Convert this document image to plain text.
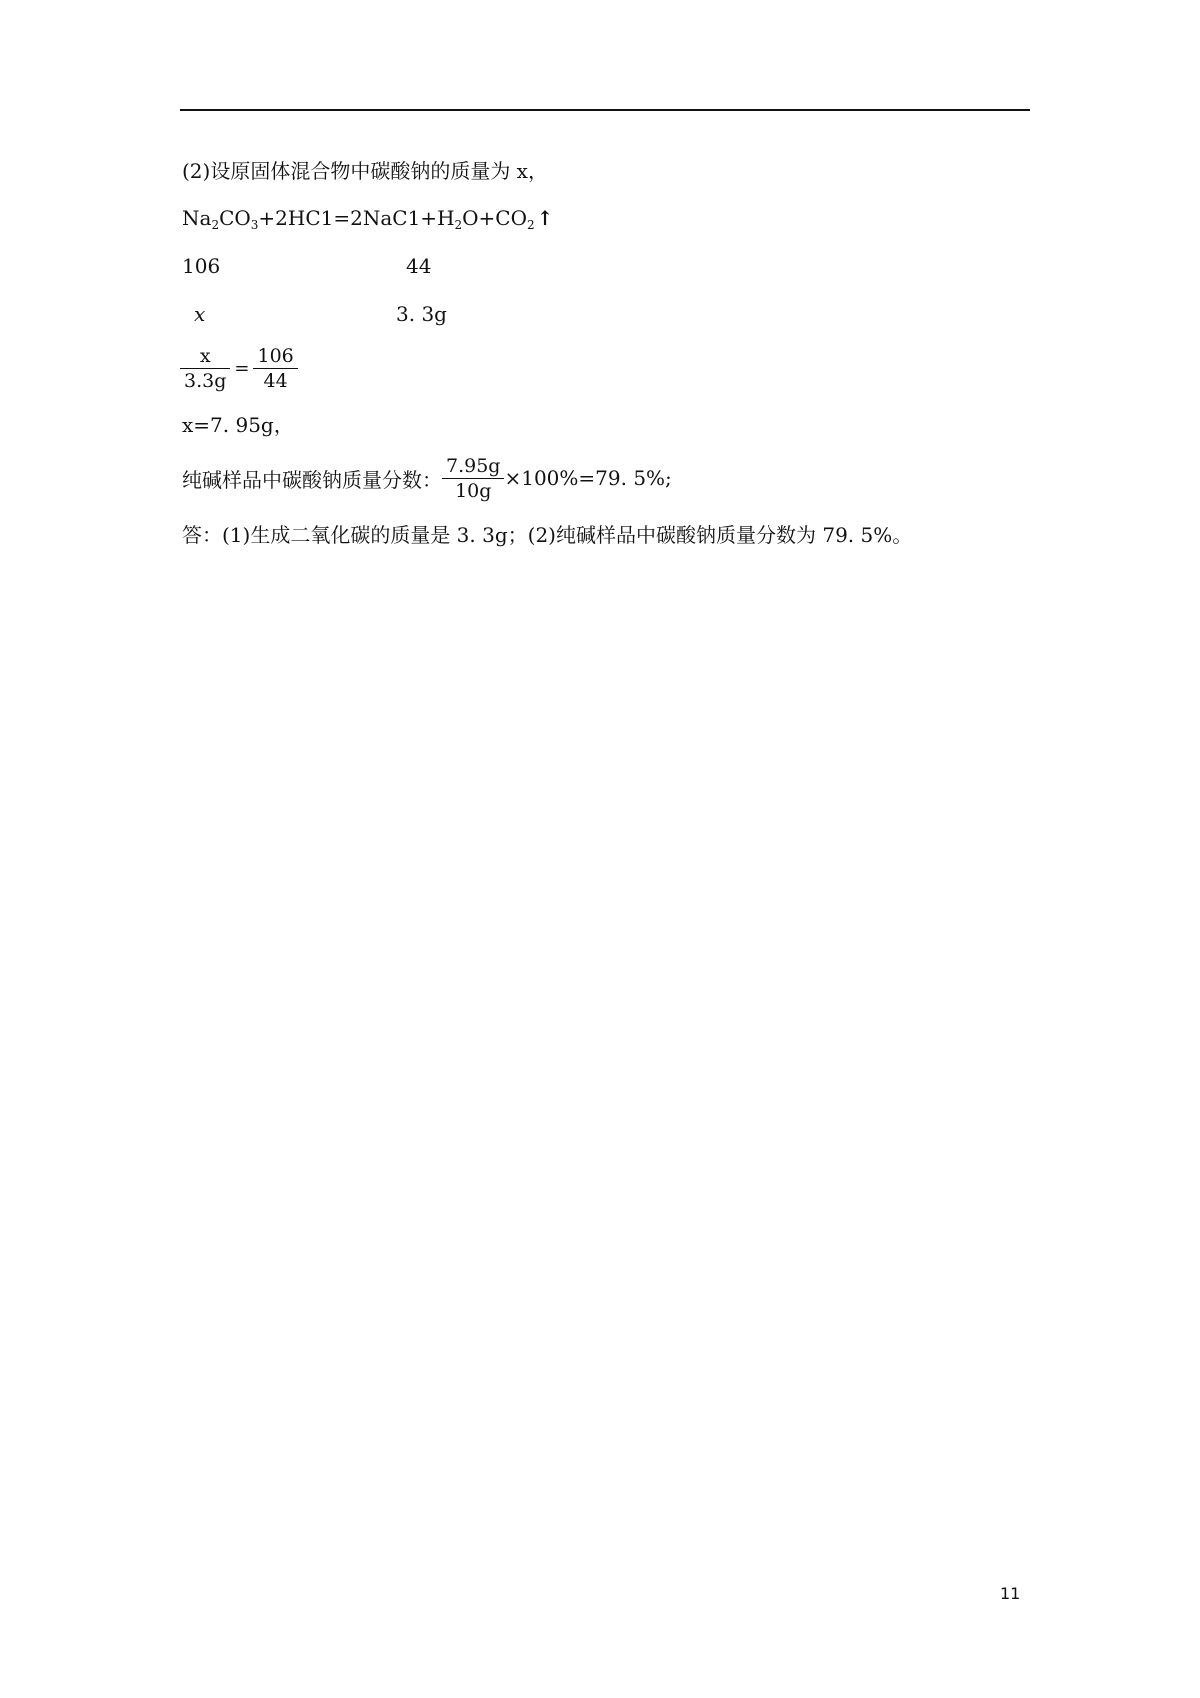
(2)设原固体混合物中碳酸钠的质量为 x，
$Na_2CO_3+2HC1=2NaC1+H_2O+CO_2$ ↑
106	44
x	3. 3g
$\frac{x}{3.3g} = \frac{106}{44}$
x=7. 95g，
纯碱样品中碳酸钠质量分数： $\frac{7.95g}{10g} \times 100\%=79$. 5%;
答：(1)生成二氧化碳的质量是 3. 3g；(2)纯碱样品中碳酸钠质量分数为 79. 5%。
11
